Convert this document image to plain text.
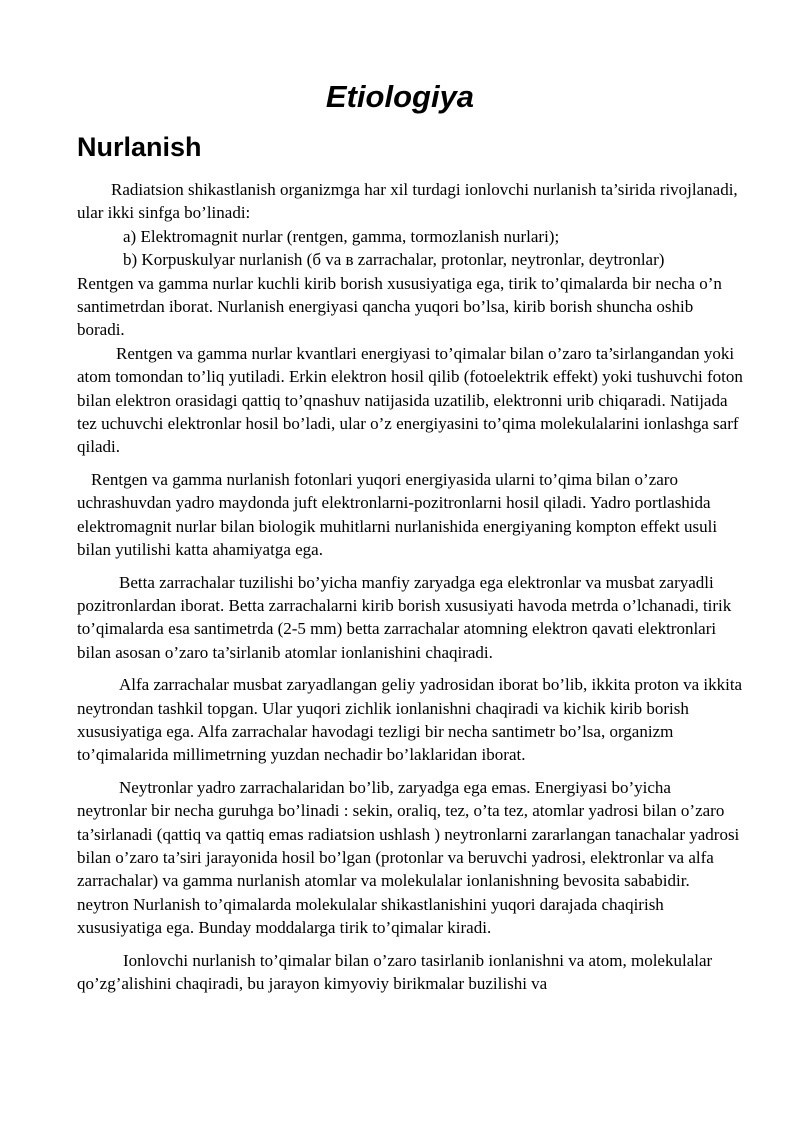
Etiologiya
Nurlanish

Radiatsion shikastlanish organizmga har xil turdagi ionlovchi nurlanish ta’sirida rivojlanadi, ular ikki sinfga bo’linadi:

a) Elektromagnit nurlar (rentgen, gamma, tormozlanish nurlari);

b) Korpuskulyar nurlanish (б va в zarrachalar, protonlar, neytronlar, deytronlar)

Rentgen va gamma nurlar kuchli kirib borish xususiyatiga ega, tirik to’qimalarda bir necha o’n santimetrdan iborat. Nurlanish energiyasi qancha yuqori bo’lsa, kirib borish shuncha oshib boradi.

Rentgen va gamma nurlar kvantlari energiyasi to’qimalar bilan o’zaro ta’sirlangandan yoki atom tomondan to’liq yutiladi. Erkin elektron hosil qilib (fotoelektrik effekt) yoki tushuvchi foton bilan elektron orasidagi qattiq to’qnashuv natijasida uzatilib, elektronni urib chiqaradi. Natijada tez uchuvchi elektronlar hosil bo’ladi, ular o’z energiyasini to’qima molekulalarini ionlashga sarf qiladi.

Rentgen va gamma nurlanish fotonlari yuqori energiyasida ularni to’qima bilan o’zaro uchrashuvdan yadro maydonda juft elektronlarni-pozitronlarni hosil qiladi. Yadro portlashida elektromagnit nurlar bilan biologik muhitlarni nurlanishida energiyaning kompton effekt usuli bilan yutilishi katta ahamiyatga ega.

Betta zarrachalar tuzilishi bo’yicha manfiy zaryadga ega elektronlar va musbat zaryadli pozitronlardan iborat. Betta zarrachalarni kirib borish xususiyati havoda metrda o’lchanadi, tirik to’qimalarda esa santimetrda (2-5 mm) betta zarrachalar atomning elektron qavati elektronlari bilan asosan o’zaro ta’sirlanib atomlar ionlanishini chaqiradi.

Alfa zarrachalar musbat zaryadlangan geliy yadrosidan iborat bo’lib, ikkita proton va ikkita neytrondan tashkil topgan. Ular yuqori zichlik ionlanishni chaqiradi va kichik kirib borish xususiyatiga ega. Alfa zarrachalar havodagi tezligi bir necha santimetr bo’lsa, organizm to’qimalarida millimetrning yuzdan nechadir bo’laklaridan iborat.

Neytronlar yadro zarrachalaridan bo’lib, zaryadga ega emas. Energiyasi bo’yicha neytronlar bir necha guruhga bo’linadi : sekin, oraliq, tez, o’ta tez, atomlar yadrosi bilan o’zaro ta’sirlanadi (qattiq va qattiq emas radiatsion ushlash ) neytronlarni zararlangan tanachalar yadrosi bilan o’zaro ta’siri jarayonida hosil bo’lgan (protonlar va beruvchi yadrosi, elektronlar va alfa zarrachalar) va gamma nurlanish atomlar va molekulalar ionlanishning bevosita sababidir. neytron Nurlanish to’qimalarda molekulalar shikastlanishini yuqori darajada chaqirish xususiyatiga ega. Bunday moddalarga tirik to’qimalar kiradi.

Ionlovchi nurlanish to’qimalar bilan o’zaro tasirlanib ionlanishni va atom, molekulalar qo’zg’alishini chaqiradi, bu jarayon kimyoviy birikmalar buzilishi va
